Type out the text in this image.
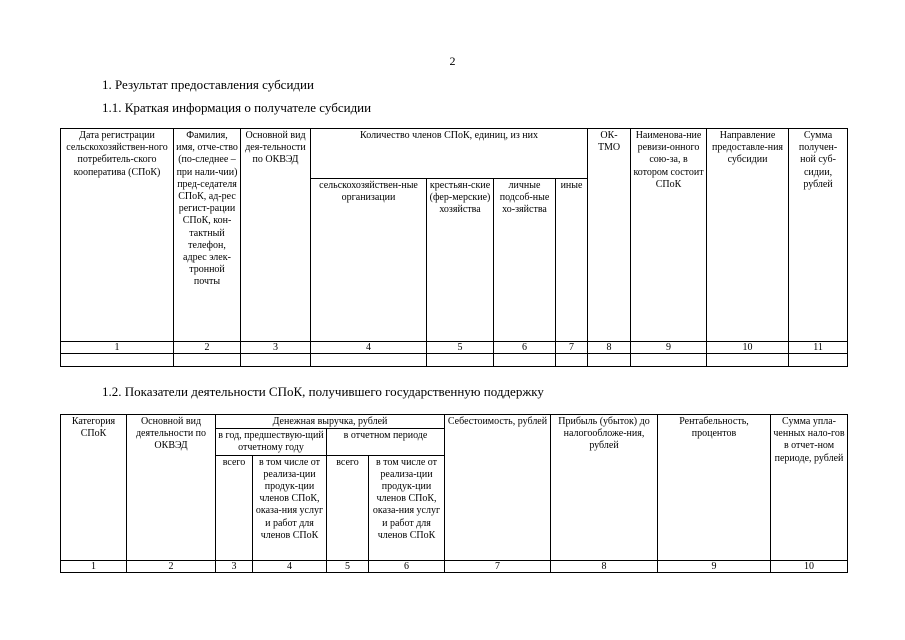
2
1. Результат предоставления субсидии
1.1. Краткая информация о получателе субсидии
Дата регистрации сельскохозяйствен-ного потребитель-ского кооператива (СПоК)	Фамилия, имя, отче-ство (по-следнее – при нали-чии) пред-седателя СПоК, ад-рес регист-рации СПоК, кон-тактный телефон, адрес элек-тронной почты	Основной вид дея-тельности по ОКВЭД	Количество членов СПоК, единиц, из них				ОК-ТМО	Наименова-ние ревизи-онного сою-за, в котором состоит СПоК	Направление предоставле-ния субсидии	Сумма получен-ной суб-сидии, рублей
			сельскохозяйствен-ные организации	крестьян-ские (фер-мерские) хозяйства	личные подсоб-ные хо-зяйства	иные				
1	2	3	4	5	6	7	8	9	10	11

1.2. Показатели деятельности СПоК, получившего государственную поддержку
Категория СПоК	Основной вид деятельности по ОКВЭД	Денежная выручка, рублей				Себестоимость, рублей	Прибыль (убыток) до налогообложе-ния, рублей	Рентабельность, процентов	Сумма упла-ченных нало-гов в отчет-ном периоде, рублей
		в год, предшествую-щий отчетному году		в отчетном периоде					
		всего	в том числе от реализа-ции продук-ции членов СПоК, оказа-ния услуг и работ для членов СПоК	всего	в том числе от реализа-ции продук-ции членов СПоК, оказа-ния услуг и работ для членов СПоК				
1	2	3	4	5	6	7	8	9	10
